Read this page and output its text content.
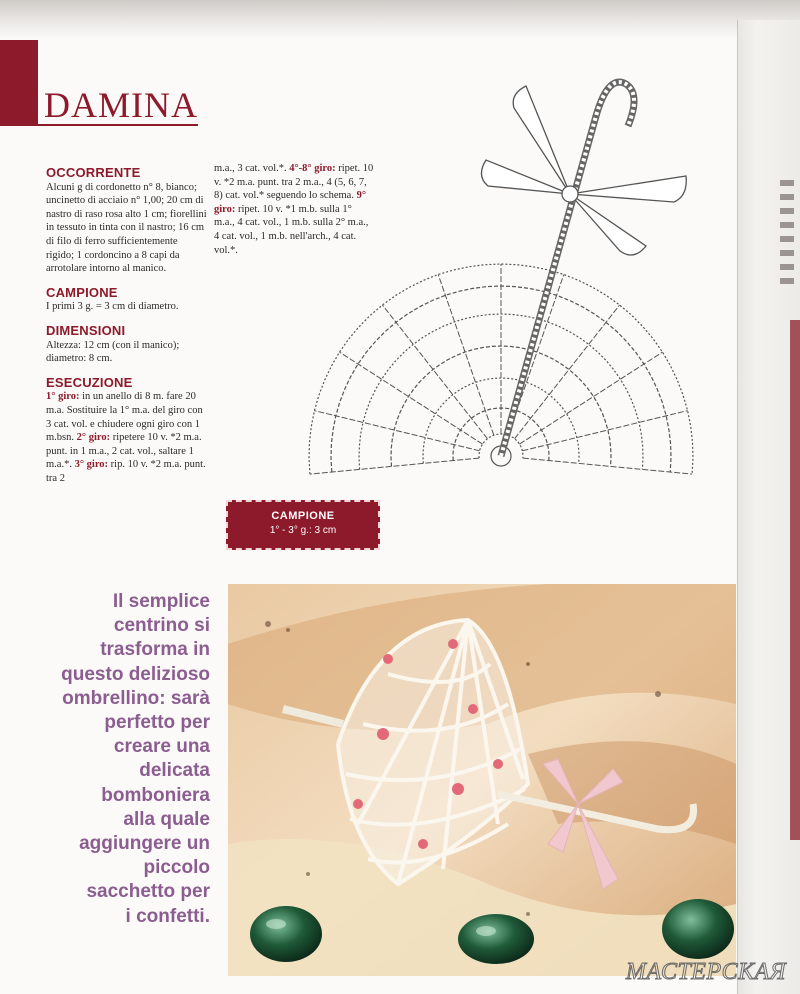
DAMINA
OCCORRENTE

Alcuni g di cordonetto n° 8, bianco; uncinetto di acciaio n° 1,00; 20 cm di nastro di raso rosa alto 1 cm; fiorellini in tessuto in tinta con il nastro; 16 cm di filo di ferro sufficientemente rigido; 1 cordoncino a 8 capi da arrotolare intorno al manico.

CAMPIONE

I primi 3 g. = 3 cm di diametro.

DIMENSIONI

Altezza: 12 cm (con il manico); diametro: 8 cm.

ESECUZIONE

1° giro: in un anello di 8 m. fare 20 m.a. Sostituire la 1° m.a. del giro con 3 cat. vol. e chiudere ogni giro con 1 m.bsn. 2° giro: ripetere 10 v. *2 m.a. punt. in 1 m.a., 2 cat. vol., saltare 1 m.a.*. 3° giro: rip. 10 v. *2 m.a. punt. tra 2

m.a., 3 cat. vol.*. 4°-8° giro: ripet. 10 v. *2 m.a. punt. tra 2 m.a., 4 (5, 6, 7, 8) cat. vol.* seguendo lo schema. 9° giro: ripet. 10 v. *1 m.b. sulla 1° m.a., 4 cat. vol., 1 m.b. sulla 2° m.a., 4 cat. vol., 1 m.b. nell'arch., 4 cat. vol.*.

CAMPIONE
1° - 3° g.: 3 cm
Il semplice
centrino si
trasforma in
questo delizioso
ombrellino: sarà
perfetto per
creare una
delicata
bomboniera
alla quale
aggiungere un
piccolo
sacchetto per
i confetti.
МАСТЕРСКАЯ
